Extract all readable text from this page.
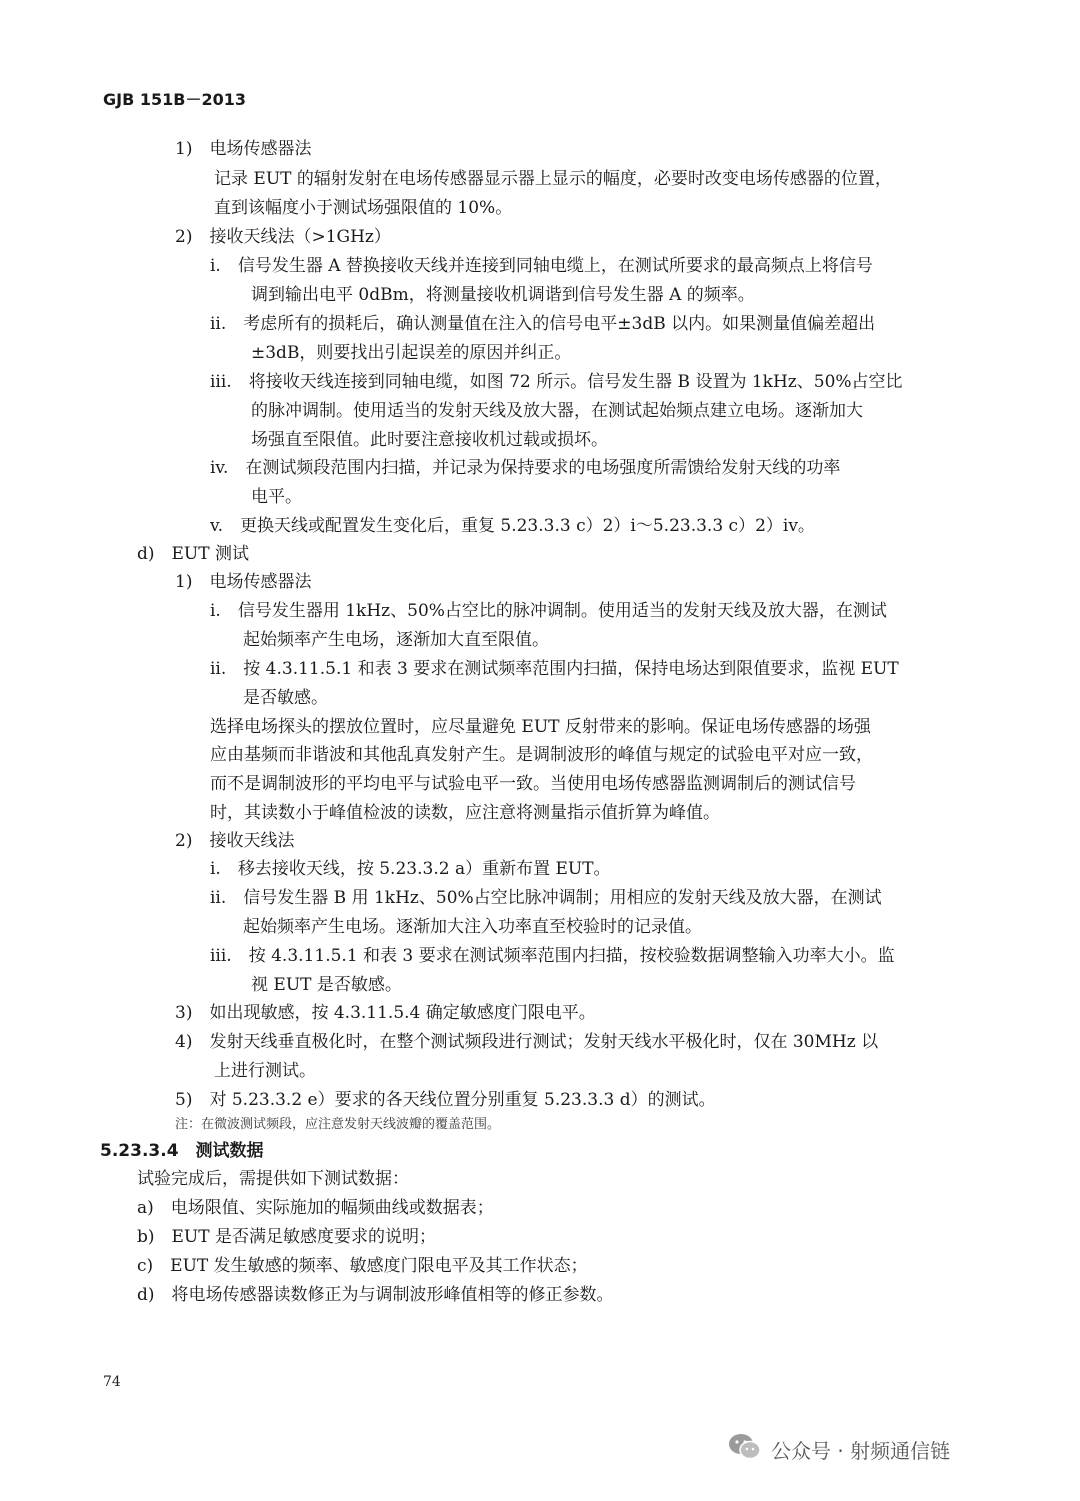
GJB 151B－2013
1)　电场传感器法
记录 EUT 的辐射发射在电场传感器显示器上显示的幅度，必要时改变电场传感器的位置，
直到该幅度小于测试场强限值的 10%。
2)　接收天线法（>1GHz）
i.　信号发生器 A 替换接收天线并连接到同轴电缆上，在测试所要求的最高频点上将信号
调到输出电平 0dBm，将测量接收机调谐到信号发生器 A 的频率。
ii.　考虑所有的损耗后，确认测量值在注入的信号电平±3dB 以内。如果测量值偏差超出
±3dB，则要找出引起误差的原因并纠正。
iii.　将接收天线连接到同轴电缆，如图 72 所示。信号发生器 B 设置为 1kHz、50%占空比
的脉冲调制。使用适当的发射天线及放大器，在测试起始频点建立电场。逐渐加大
场强直至限值。此时要注意接收机过载或损坏。
iv.　在测试频段范围内扫描，并记录为保持要求的电场强度所需馈给发射天线的功率
电平。
v.　更换天线或配置发生变化后，重复 5.23.3.3 c）2）i～5.23.3.3 c）2）iv。
d)　EUT 测试
1)　电场传感器法
i.　信号发生器用 1kHz、50%占空比的脉冲调制。使用适当的发射天线及放大器，在测试
起始频率产生电场，逐渐加大直至限值。
ii.　按 4.3.11.5.1 和表 3 要求在测试频率范围内扫描，保持电场达到限值要求，监视 EUT
是否敏感。
选择电场探头的摆放位置时，应尽量避免 EUT 反射带来的影响。保证电场传感器的场强
应由基频而非谐波和其他乱真发射产生。是调制波形的峰值与规定的试验电平对应一致，
而不是调制波形的平均电平与试验电平一致。当使用电场传感器监测调制后的测试信号
时，其读数小于峰值检波的读数，应注意将测量指示值折算为峰值。
2)　接收天线法
i.　移去接收天线，按 5.23.3.2 a）重新布置 EUT。
ii.　信号发生器 B 用 1kHz、50%占空比脉冲调制；用相应的发射天线及放大器，在测试
起始频率产生电场。逐渐加大注入功率直至校验时的记录值。
iii.　按 4.3.11.5.1 和表 3 要求在测试频率范围内扫描，按校验数据调整输入功率大小。监
视 EUT 是否敏感。
3)　如出现敏感，按 4.3.11.5.4 确定敏感度门限电平。
4)　发射天线垂直极化时，在整个测试频段进行测试；发射天线水平极化时，仅在 30MHz 以
上进行测试。
5)　对 5.23.3.2 e）要求的各天线位置分别重复 5.23.3.3 d）的测试。
注：在微波测试频段，应注意发射天线波瓣的覆盖范围。
5.23.3.4　测试数据
试验完成后，需提供如下测试数据：
a)　电场限值、实际施加的幅频曲线或数据表；
b)　EUT 是否满足敏感度要求的说明；
c)　EUT 发生敏感的频率、敏感度门限电平及其工作状态；
d)　将电场传感器读数修正为与调制波形峰值相等的修正参数。
74
公众号 · 射频通信链
